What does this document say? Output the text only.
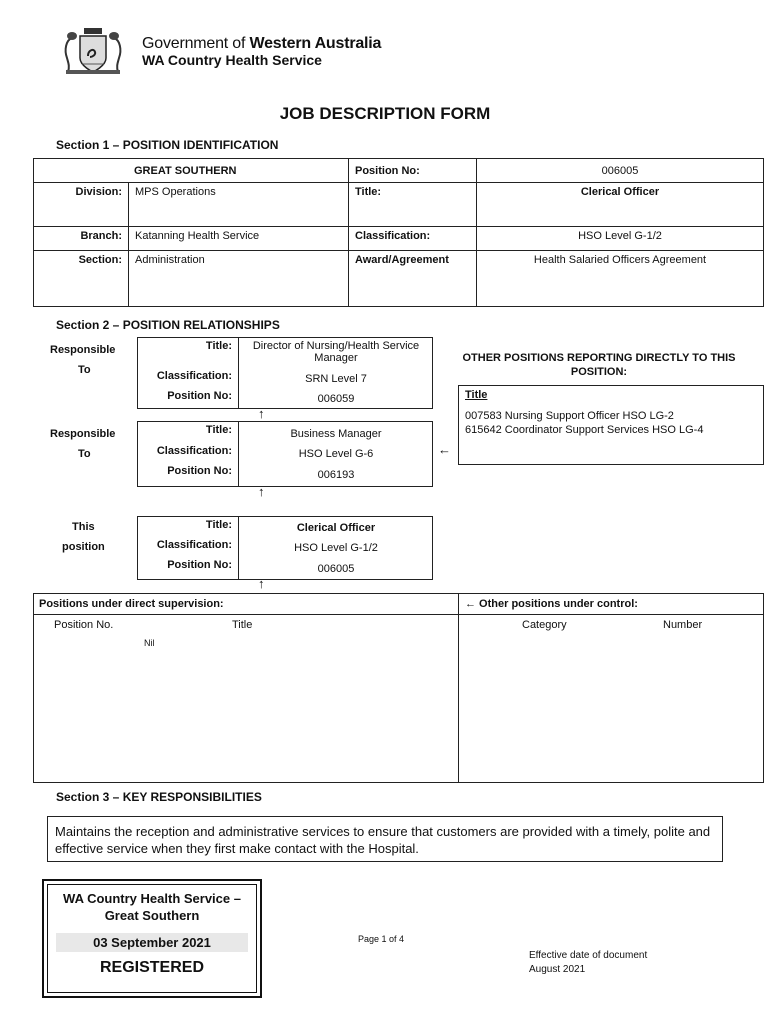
Government of Western Australia
WA Country Health Service
JOB DESCRIPTION FORM
Section 1 – POSITION IDENTIFICATION
GREAT SOUTHERN		Position No:	006005
Division:	MPS Operations	Title:	Clerical Officer
Branch:	Katanning Health Service	Classification:	HSO Level G-1/2
Section:	Administration	Award/Agreement	Health Salaried Officers Agreement
Section 2 – POSITION RELATIONSHIPS
Responsible
To
Title:	Director of Nursing/Health Service Manager
Classification:	SRN Level 7
Position No:	006059
↑
Responsible
To
Title:	Business Manager
Classification:	HSO Level G-6
Position No:	006193
←
↑
This
position
Title:	Clerical Officer
Classification:	HSO Level G-1/2
Position No:	006005
↑
OTHER POSITIONS REPORTING DIRECTLY TO THIS POSITION:
Title
007583 Nursing Support Officer HSO LG-2
615642 Coordinator Support Services HSO LG-4
Positions under direct supervision:	← Other positions under control:
Position No.	Title
Nil
Category	Number
Section 3 – KEY RESPONSIBILITIES
Maintains the reception and administrative services to ensure that customers are provided with a timely, polite and effective service when they first make contact with the Hospital.
WA Country Health Service –
Great Southern
03 September 2021
REGISTERED
Page 1 of 4
Effective date of document
August 2021
